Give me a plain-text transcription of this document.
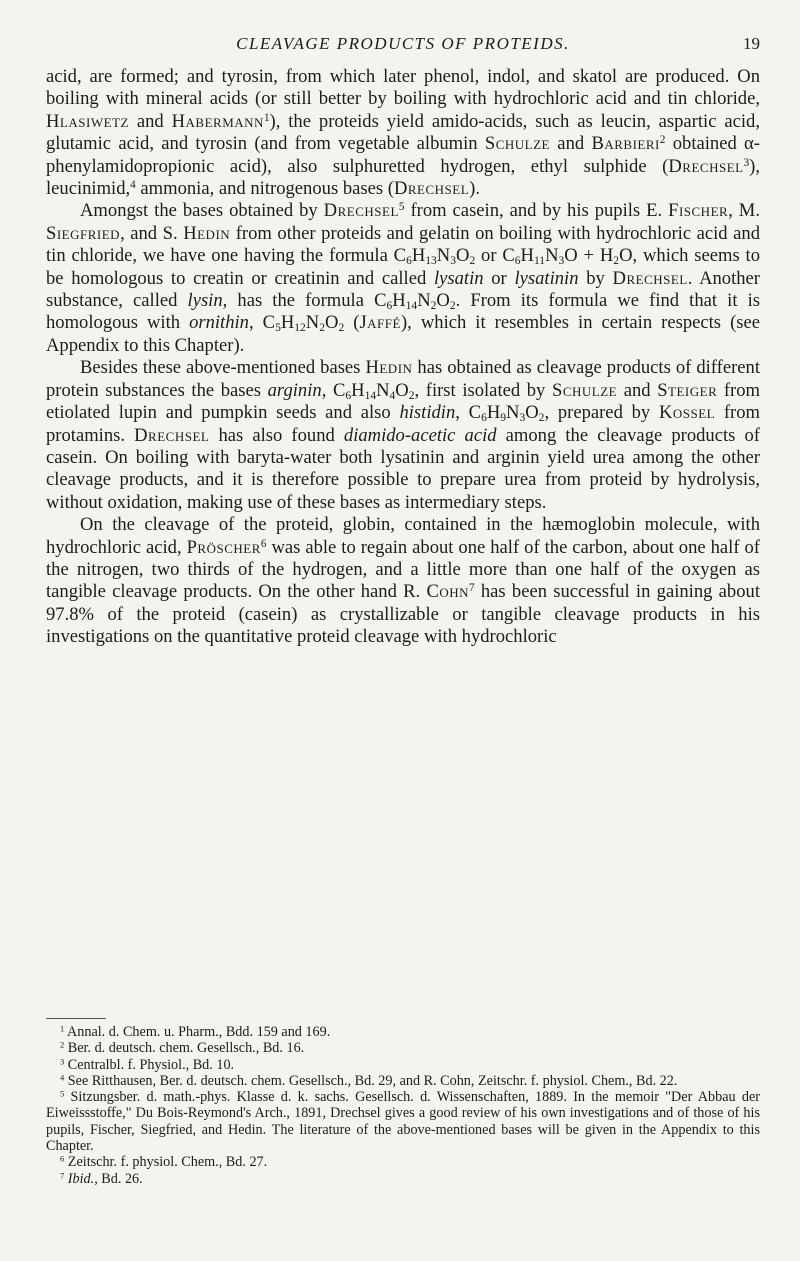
CLEAVAGE PRODUCTS OF PROTEIDS.	19

acid, are formed; and tyrosin, from which later phenol, indol, and skatol are produced. On boiling with mineral acids (or still better by boiling with hydrochloric acid and tin chloride, Hlasiwetz and Habermann$^1$), the proteids yield amido-acids, such as leucin, aspartic acid, glutamic acid, and tyrosin (and from vegetable albumin Schulze and Barbieri$^2$ obtained α-phenylamidopropionic acid), also sulphuretted hydrogen, ethyl sulphide (Drechsel$^3$), leucinimid,$^4$ ammonia, and nitrogenous bases (Drechsel).

Amongst the bases obtained by Drechsel$^5$ from casein, and by his pupils E. Fischer, M. Siegfried, and S. Hedin from other proteids and gelatin on boiling with hydrochloric acid and tin chloride, we have one having the formula $C_6H_{13}N_3O_2$ or $C_6H_{11}N_3O + H_2O$, which seems to be homologous to creatin or creatinin and called lysatin or lysatinin by Drechsel. Another substance, called lysin, has the formula $C_6H_{14}N_2O_2$. From its formula we find that it is homologous with ornithin, $C_5H_{12}N_2O_2$ (Jaffé), which it resembles in certain respects (see Appendix to this Chapter).

Besides these above-mentioned bases Hedin has obtained as cleavage products of different protein substances the bases arginin, $C_6H_{14}N_4O_2$, first isolated by Schulze and Steiger from etiolated lupin and pumpkin seeds and also histidin, $C_6H_9N_3O_2$, prepared by Kossel from protamins. Drechsel has also found diamido-acetic acid among the cleavage products of casein. On boiling with baryta-water both lysatinin and arginin yield urea among the other cleavage products, and it is therefore possible to prepare urea from proteid by hydrolysis, without oxidation, making use of these bases as intermediary steps.

On the cleavage of the proteid, globin, contained in the hæmoglobin molecule, with hydrochloric acid, Pröscher$^6$ was able to regain about one half of the carbon, about one half of the nitrogen, two thirds of the hydrogen, and a little more than one half of the oxygen as tangible cleavage products. On the other hand R. Cohn$^7$ has been successful in gaining about 97.8% of the proteid (casein) as crystallizable or tangible cleavage products in his investigations on the quantitative proteid cleavage with hydrochloric

$^1$ Annal. d. Chem. u. Pharm., Bdd. 159 and 169.

$^2$ Ber. d. deutsch. chem. Gesellsch., Bd. 16.

$^3$ Centralbl. f. Physiol., Bd. 10.

$^4$ See Ritthausen, Ber. d. deutsch. chem. Gesellsch., Bd. 29, and R. Cohn, Zeitschr. f. physiol. Chem., Bd. 22.

$^5$ Sitzungsber. d. math.-phys. Klasse d. k. sachs. Gesellsch. d. Wissenschaften, 1889. In the memoir "Der Abbau der Eiweissstoffe," Du Bois-Reymond's Arch., 1891, Drechsel gives a good review of his own investigations and of those of his pupils, Fischer, Siegfried, and Hedin. The literature of the above-mentioned bases will be given in the Appendix to this Chapter.

$^6$ Zeitschr. f. physiol. Chem., Bd. 27.

$^7$ Ibid., Bd. 26.
